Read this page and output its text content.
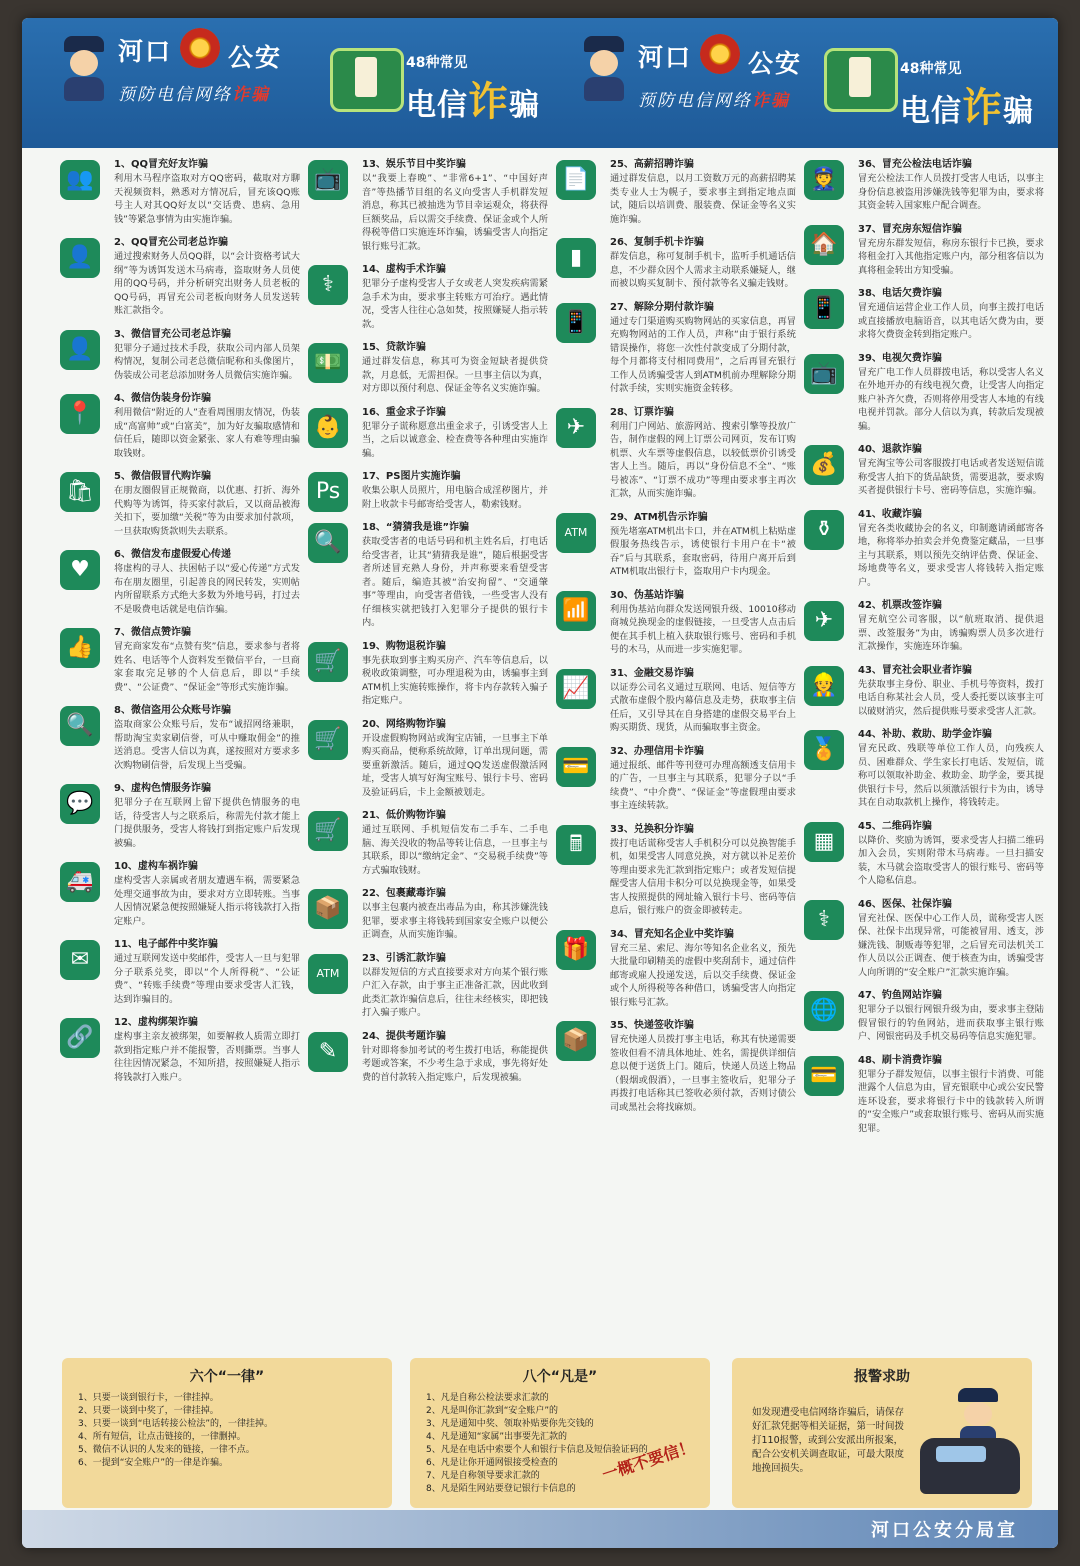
河口 公安
预防电信网络诈骗
48种常见
电信诈骗
河口 公安
预防电信网络诈骗
48种常见
电信诈骗
👥
1、QQ冒充好友诈骗
利用木马程序盗取对方QQ密码，截取对方聊天视频资料，熟悉对方情况后，冒充该QQ账号主人对其QQ好友以“交话费、患病、急用钱”等紧急事情为由实施诈骗。
👤
2、QQ冒充公司老总诈骗
通过搜索财务人员QQ群，以“会计资格考试大纲”等为诱饵发送木马病毒，盗取财务人员使用的QQ号码，并分析研究出财务人员老板的QQ号码，再冒充公司老板向财务人员发送转账汇款指令。
👤
3、微信冒充公司老总诈骗
犯罪分子通过技术手段，获取公司内部人员架构情况，复制公司老总微信昵称和头像图片，伪装成公司老总添加财务人员微信实施诈骗。
📍
4、微信伪装身份诈骗
利用微信“附近的人”查看周围朋友情况，伪装成“高富帅”或“白富美”，加为好友骗取感情和信任后，随即以资金紧张、家人有难等理由骗取钱财。
🛍
5、微信假冒代购诈骗
在朋友圈假冒正规微商，以优惠、打折、海外代购等为诱饵，待买家付款后，又以商品被海关扣下，要加缴“关税”等为由要求加付款项，一旦获取购货款则失去联系。
♥
6、微信发布虚假爱心传递
将虚构的寻人、扶困帖子以“爱心传递”方式发布在朋友圈里，引起善良的网民转发，实则帖内所留联系方式绝大多数为外地号码，打过去不是吸费电话就是电信诈骗。
👍
7、微信点赞诈骗
冒充商家发布“点赞有奖”信息，要求参与者将姓名、电话等个人资料发至微信平台，一旦商家套取完足够的个人信息后，即以“手续费”、“公证费”、“保证金”等形式实施诈骗。
🔍
8、微信盗用公众账号诈骗
盗取商家公众账号后，发布“诚招网络兼职，帮助淘宝卖家刷信誉，可从中赚取佣金”的推送消息。受害人信以为真，遂按照对方要求多次购物刷信誉，后发现上当受骗。
💬
9、虚构色情服务诈骗
犯罪分子在互联网上留下提供色情服务的电话，待受害人与之联系后，称需先付款才能上门提供服务，受害人将钱打到指定账户后发现被骗。
🚑
10、虚构车祸诈骗
虚构受害人亲属或者朋友遭遇车祸，需要紧急处理交通事故为由，要求对方立即转账。当事人因情况紧急便按照嫌疑人指示将钱款打入指定账户。
✉
11、电子邮件中奖诈骗
通过互联网发送中奖邮件，受害人一旦与犯罪分子联系兑奖，即以“个人所得税”、“公证费”、“转账手续费”等理由要求受害人汇钱，达到诈骗目的。
🔗
12、虚构绑架诈骗
虚构事主亲友被绑架，如要解救人质需立即打款到指定账户并不能报警，否则撕票。当事人往往因情况紧急，不知所措，按照嫌疑人指示将钱款打入账户。
📺
13、娱乐节目中奖诈骗
以“我要上春晚”、“非常6+1”、“中国好声音”等热播节目组的名义向受害人手机群发短消息，称其已被抽选为节目幸运观众，将获得巨额奖品，后以需交手续费、保证金或个人所得税等借口实施连环诈骗，诱骗受害人向指定银行账号汇款。
⚕
14、虚构手术诈骗
犯罪分子虚构受害人子女或老人突发疾病需紧急手术为由，要求事主转账方可治疗。遇此情况，受害人往往心急如焚，按照嫌疑人指示转款。
💵
15、贷款诈骗
通过群发信息，称其可为资金短缺者提供贷款，月息低，无需担保。一旦事主信以为真，对方即以预付利息、保证金等名义实施诈骗。
👶
16、重金求子诈骗
犯罪分子谎称愿意出重金求子，引诱受害人上当，之后以诚意金、检查费等各种理由实施诈骗。
Ps
17、PS图片实施诈骗
收集公职人员照片，用电脑合成淫秽图片，并附上收款卡号邮寄给受害人，勒索钱财。
🔍
18、“猜猜我是谁”诈骗
获取受害者的电话号码和机主姓名后，打电话给受害者，让其“猜猜我是谁”，随后根据受害者所述冒充熟人身份，并声称要来看望受害者。随后，编造其被“治安拘留”、“交通肇事”等理由，向受害者借钱，一些受害人没有仔细核实就把钱打入犯罪分子提供的银行卡内。
🛒
19、购物退税诈骗
事先获取到事主购买房产、汽车等信息后，以税收政策调整，可办理退税为由，诱骗事主到ATM机上实施转账操作，将卡内存款转入骗子指定账户。
🛒
20、网络购物诈骗
开设虚假购物网站或淘宝店铺，一旦事主下单购买商品，便称系统故障，订单出现问题，需要重新激活。随后，通过QQ发送虚假激活网址，受害人填写好淘宝账号、银行卡号、密码及验证码后，卡上金额被划走。
🛒
21、低价购物诈骗
通过互联网、手机短信发布二手车、二手电脑、海关没收的物品等转让信息，一旦事主与其联系，即以“缴纳定金”、“交易税手续费”等方式骗取钱财。
📦
22、包裹藏毒诈骗
以事主包裹内被查出毒品为由，称其涉嫌洗钱犯罪，要求事主将钱转到国家安全账户以便公正调查，从而实施诈骗。
ATM
23、引诱汇款诈骗
以群发短信的方式直接要求对方向某个银行账户汇入存款，由于事主正准备汇款，因此收到此类汇款诈骗信息后，往往未经核实，即把钱打入骗子账户。
✎
24、提供考题诈骗
针对即将参加考试的考生拨打电话，称能提供考题或答案，不少考生急于求成，事先将好处费的首付款转入指定账户，后发现被骗。
📄
25、高薪招聘诈骗
通过群发信息，以月工资数万元的高薪招聘某类专业人士为幌子，要求事主到指定地点面试，随后以培训费、服装费、保证金等名义实施诈骗。
▮
26、复制手机卡诈骗
群发信息，称可复制手机卡，监听手机通话信息，不少群众因个人需求主动联系嫌疑人，继而被以购买复制卡、预付款等名义骗走钱财。
📱
27、解除分期付款诈骗
通过专门渠道购买购物网站的买家信息，再冒充购物网站的工作人员，声称“由于银行系统错误操作，将您一次性付款变成了分期付款，每个月都将支付相同费用”，之后再冒充银行工作人员诱骗受害人到ATM机前办理解除分期付款手续，实则实施资金转移。
✈
28、订票诈骗
利用门户网站、旅游网站、搜索引擎等投放广告，制作虚假的网上订票公司网页，发布订购机票、火车票等虚假信息，以较低票价引诱受害人上当。随后，再以“身份信息不全”、“账号被冻”、“订票不成功”等理由要求事主再次汇款，从而实施诈骗。
ATM
29、ATM机告示诈骗
预先堵塞ATM机出卡口，并在ATM机上粘贴虚假服务热线告示，诱使银行卡用户在卡“被吞”后与其联系，套取密码，待用户离开后到ATM机取出银行卡，盗取用户卡内现金。
📶
30、伪基站诈骗
利用伪基站向群众发送网银升级、10010移动商城兑换现金的虚假链接，一旦受害人点击后便在其手机上植入获取银行账号、密码和手机号的木马，从而进一步实施犯罪。
📈
31、金融交易诈骗
以证券公司名义通过互联网、电话、短信等方式散布虚假个股内幕信息及走势，获取事主信任后，又引导其在自身搭建的虚假交易平台上购买期货、现货，从而骗取事主资金。
💳
32、办理信用卡诈骗
通过报纸、邮件等刊登可办理高额透支信用卡的广告，一旦事主与其联系，犯罪分子以“手续费”、“中介费”、“保证金”等虚假理由要求事主连续转款。
🖩
33、兑换积分诈骗
拨打电话谎称受害人手机积分可以兑换智能手机，如果受害人同意兑换，对方就以补足差价等理由要求先汇款到指定账户；或者发短信提醒受害人信用卡积分可以兑换现金等，如果受害人按照提供的网址输入银行卡号、密码等信息后，银行账户的资金即被转走。
🎁
34、冒充知名企业中奖诈骗
冒充三星、索尼、海尔等知名企业名义，预先大批量印刷精美的虚假中奖刮刮卡，通过信件邮寄或雇人投递发送，后以交手续费、保证金或个人所得税等各种借口，诱骗受害人向指定银行账号汇款。
📦
35、快递签收诈骗
冒充快递人员拨打事主电话，称其有快递需要签收但看不清具体地址、姓名，需提供详细信息以便于送货上门。随后，快递人员送上物品（假烟或假酒），一旦事主签收后，犯罪分子再拨打电话称其已签收必须付款，否则讨债公司或黑社会将找麻烦。
👮
36、冒充公检法电话诈骗
冒充公检法工作人员拨打受害人电话，以事主身份信息被盗用涉嫌洗钱等犯罪为由，要求将其资金转入国家账户配合调查。
🏠
37、冒充房东短信诈骗
冒充房东群发短信，称房东银行卡已换，要求将租金打入其他指定账户内，部分租客信以为真将租金转出方知受骗。
📱
38、电话欠费诈骗
冒充通信运营企业工作人员，向事主拨打电话或直接播放电脑语音，以其电话欠费为由，要求将欠费资金转到指定账户。
📺
39、电视欠费诈骗
冒充广电工作人员群拨电话，称以受害人名义在外地开办的有线电视欠费，让受害人向指定账户补齐欠费，否则将停用受害人本地的有线电视并罚款。部分人信以为真，转款后发现被骗。
💰
40、退款诈骗
冒充淘宝等公司客服拨打电话或者发送短信谎称受害人拍下的货品缺货，需要退款，要求购买者提供银行卡号、密码等信息，实施诈骗。
⚱
41、收藏诈骗
冒充各类收藏协会的名义，印制邀请函邮寄各地，称将举办拍卖会并免费鉴定藏品，一旦事主与其联系，则以预先交纳评估费、保证金、场地费等名义，要求受害人将钱转入指定账户。
✈
42、机票改签诈骗
冒充航空公司客服，以“航班取消、提供退票、改签服务”为由，诱骗购票人员多次进行汇款操作，实施连环诈骗。
👷
43、冒充社会职业者诈骗
先获取事主身份、职业、手机号等资料，拨打电话自称某社会人员，受人委托要以该事主可以破财消灾，然后提供账号要求受害人汇款。
🏅
44、补助、救助、助学金诈骗
冒充民政、残联等单位工作人员，向残疾人员、困难群众、学生家长打电话、发短信，谎称可以领取补助金、救助金、助学金，要其提供银行卡号，然后以须激活银行卡为由，诱导其在自动取款机上操作，将钱转走。
▦
45、二维码诈骗
以降价、奖励为诱饵，要求受害人扫描二维码加入会员，实则附带木马病毒。一旦扫描安装，木马就会盗取受害人的银行账号、密码等个人隐私信息。
⚕
46、医保、社保诈骗
冒充社保、医保中心工作人员，谎称受害人医保、社保卡出现异常，可能被冒用、透支，涉嫌洗钱、制贩毒等犯罪，之后冒充司法机关工作人员以公正调查、便于核查为由，诱骗受害人向所谓的“安全账户”汇款实施诈骗。
🌐
47、钓鱼网站诈骗
犯罪分子以银行网银升级为由，要求事主登陆假冒银行的钓鱼网站，进而获取事主银行账户、网银密码及手机交易码等信息实施犯罪。
💳
48、刷卡消费诈骗
犯罪分子群发短信，以事主银行卡消费、可能泄露个人信息为由，冒充银联中心或公安民警连环设套，要求将银行卡中的钱款转入所谓的“安全账户”或套取银行账号、密码从而实施犯罪。
六个“一律”
1、只要一谈到银行卡，一律挂掉。
2、只要一谈到中奖了，一律挂掉。
3、只要一谈到“电话转接公检法”的，一律挂掉。
4、所有短信，让点击链接的，一律删掉。
5、微信不认识的人发来的链接，一律不点。
6、一提到“安全账户”的一律是诈骗。
八个“凡是”
1、凡是自称公检法要求汇款的
2、凡是叫你汇款到“安全账户”的
3、凡是通知中奖、领取补贴要你先交钱的
4、凡是通知“家属”出事要先汇款的
5、凡是在电话中索要个人和银行卡信息及短信验证码的
6、凡是让你开通网银接受检查的
7、凡是自称领导要求汇款的
8、凡是陌生网站要登记银行卡信息的
一概不要信！
报警求助
如发现遭受电信网络诈骗后，请保存好汇款凭据等相关证据，第一时间拨打110报警，或到公安派出所报案，配合公安机关调查取证，可最大限度地挽回损失。
河口公安分局宣
